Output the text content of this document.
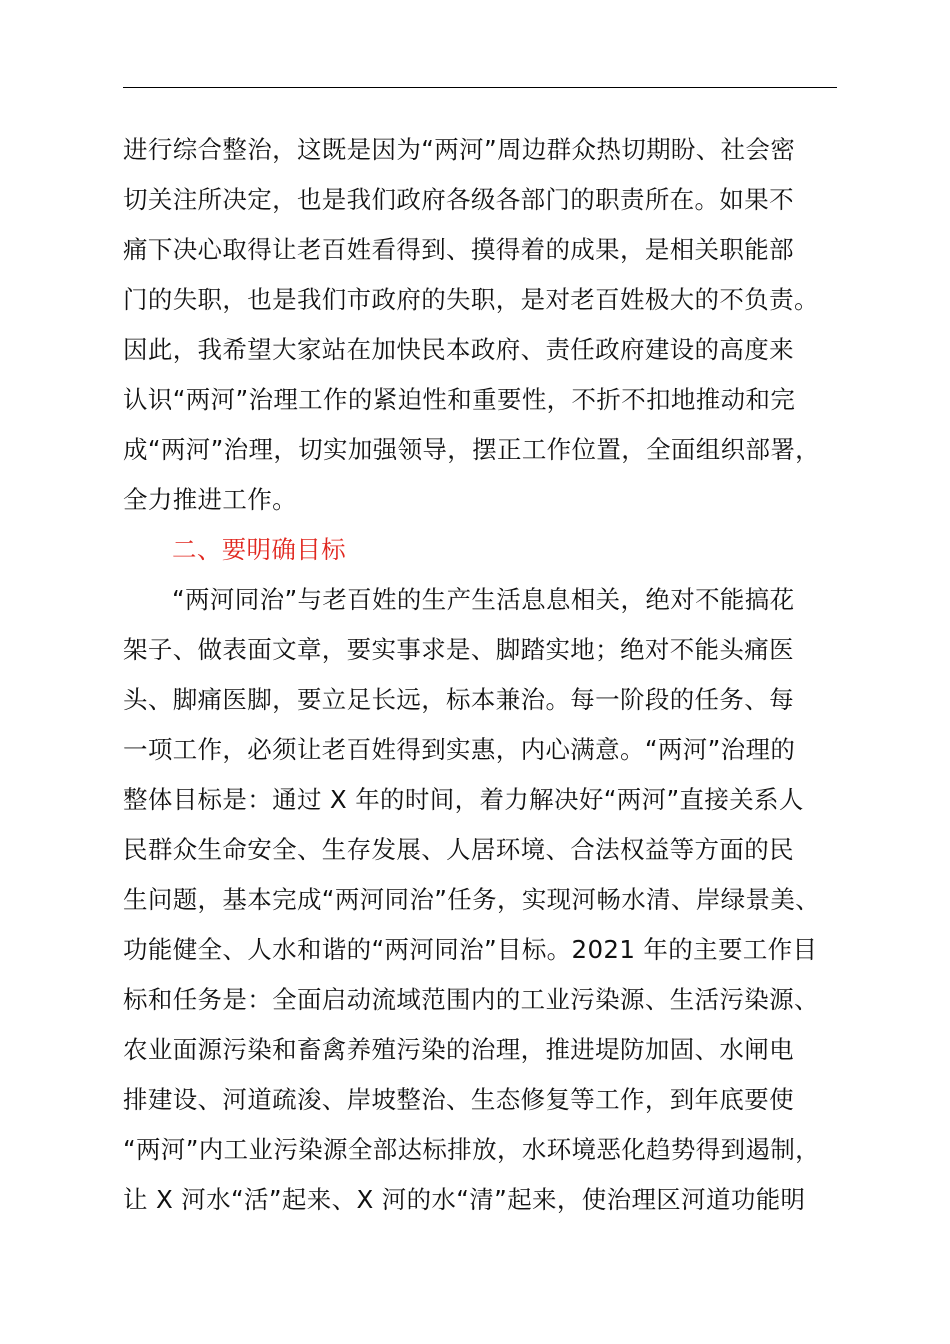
进行综合整治，这既是因为“两河”周边群众热切期盼、社会密
切关注所决定，也是我们政府各级各部门的职责所在。如果不
痛下决心取得让老百姓看得到、摸得着的成果，是相关职能部
门的失职，也是我们市政府的失职，是对老百姓极大的不负责。
因此，我希望大家站在加快民本政府、责任政府建设的高度来
认识“两河”治理工作的紧迫性和重要性，不折不扣地推动和完
成“两河”治理，切实加强领导，摆正工作位置，全面组织部署，
全力推进工作。
二、要明确目标
“两河同治”与老百姓的生产生活息息相关，绝对不能搞花
架子、做表面文章，要实事求是、脚踏实地；绝对不能头痛医
头、脚痛医脚，要立足长远，标本兼治。每一阶段的任务、每
一项工作，必须让老百姓得到实惠，内心满意。“两河”治理的
整体目标是：通过 X 年的时间，着力解决好“两河”直接关系人
民群众生命安全、生存发展、人居环境、合法权益等方面的民
生问题，基本完成“两河同治”任务，实现河畅水清、岸绿景美、
功能健全、人水和谐的“两河同治”目标。2021 年的主要工作目
标和任务是：全面启动流域范围内的工业污染源、生活污染源、
农业面源污染和畜禽养殖污染的治理，推进堤防加固、水闸电
排建设、河道疏浚、岸坡整治、生态修复等工作，到年底要使
“两河”内工业污染源全部达标排放，水环境恶化趋势得到遏制，
让 X 河水“活”起来、X 河的水“清”起来，使治理区河道功能明
